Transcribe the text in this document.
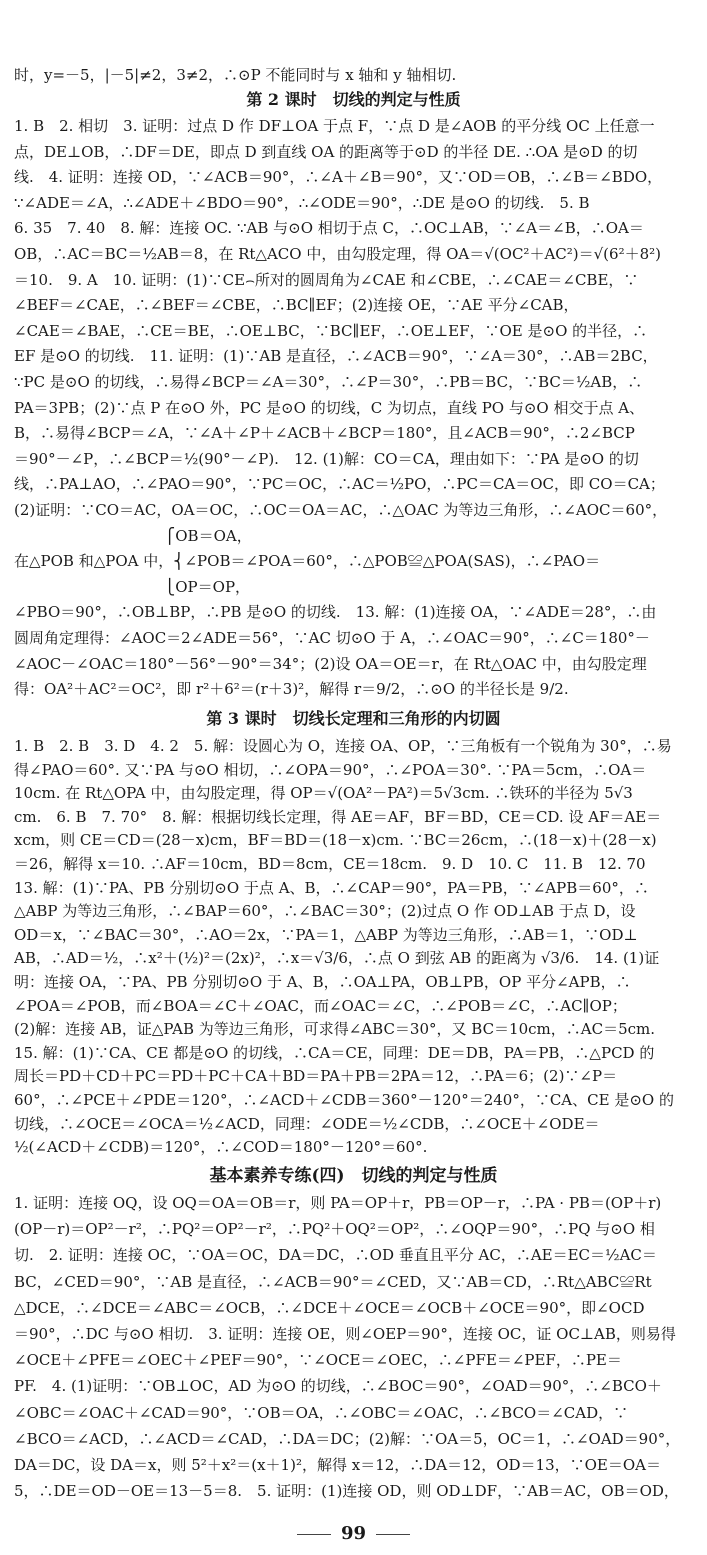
时，y=－5，|－5|≠2，3≠2，∴⊙P 不能同时与 x 轴和 y 轴相切.
第 2 课时　切线的判定与性质
1. B　2. 相切　3. 证明：过点 D 作 DF⊥OA 于点 F，∵点 D 是∠AOB 的平分线 OC 上任意一
点，DE⊥OB，∴DF＝DE，即点 D 到直线 OA 的距离等于⊙D 的半径 DE. ∴OA 是⊙D 的切
线.　4. 证明：连接 OD，∵∠ACB＝90°，∴∠A＋∠B＝90°，又∵OD＝OB，∴∠B＝∠BDO，
∵∠ADE＝∠A，∴∠ADE＋∠BDO＝90°，∴∠ODE＝90°，∴DE 是⊙O 的切线.　5. B
6. 35　7. 40　8. 解：连接 OC. ∵AB 与⊙O 相切于点 C，∴OC⊥AB，∵∠A＝∠B，∴OA＝
OB，∴AC＝BC＝½AB＝8，在 Rt△ACO 中，由勾股定理，得 OA＝√(OC²＋AC²)＝√(6²＋8²)
＝10.　9. A　10. 证明：(1)∵CE⌢所对的圆周角为∠CAE 和∠CBE，∴∠CAE＝∠CBE，∵
∠BEF＝∠CAE，∴∠BEF＝∠CBE，∴BC∥EF；(2)连接 OE，∵AE 平分∠CAB，
∠CAE＝∠BAE，∴CE＝BE，∴OE⊥BC，∵BC∥EF，∴OE⊥EF，∵OE 是⊙O 的半径，∴
EF 是⊙O 的切线.　11. 证明：(1)∵AB 是直径，∴∠ACB＝90°，∵∠A＝30°，∴AB＝2BC，
∵PC 是⊙O 的切线，∴易得∠BCP＝∠A＝30°，∴∠P＝30°，∴PB＝BC，∵BC＝½AB，∴
PA＝3PB；(2)∵点 P 在⊙O 外，PC 是⊙O 的切线，C 为切点，直线 PO 与⊙O 相交于点 A、
B，∴易得∠BCP＝∠A，∵∠A＋∠P＋∠ACB＋∠BCP＝180°，且∠ACB＝90°，∴2∠BCP
＝90°－∠P，∴∠BCP＝½(90°－∠P).　12. (1)解：CO＝CA，理由如下：∵PA 是⊙O 的切
线，∴PA⊥AO，∴∠PAO＝90°，∵PC＝OC，∴AC＝½PO，∴PC＝CA＝OC，即 CO＝CA；
(2)证明：∵CO＝AC，OA＝OC，∴OC＝OA＝AC，∴△OAC 为等边三角形，∴∠AOC＝60°，
　　　　　　　　　　⎧OB＝OA，
在△POB 和△POA 中，⎨∠POB＝∠POA＝60°，∴△POB≌△POA(SAS)，∴∠PAO＝
　　　　　　　　　　⎩OP＝OP，
∠PBO＝90°，∴OB⊥BP，∴PB 是⊙O 的切线.　13. 解：(1)连接 OA，∵∠ADE＝28°，∴由
圆周角定理得：∠AOC＝2∠ADE＝56°，∵AC 切⊙O 于 A，∴∠OAC＝90°，∴∠C＝180°－
∠AOC－∠OAC＝180°－56°－90°＝34°；(2)设 OA＝OE＝r，在 Rt△OAC 中，由勾股定理
得：OA²＋AC²＝OC²，即 r²＋6²＝(r＋3)²，解得 r＝9/2，∴⊙O 的半径长是 9/2.
第 3 课时　切线长定理和三角形的内切圆
1. B　2. B　3. D　4. 2　5. 解：设圆心为 O，连接 OA、OP，∵三角板有一个锐角为 30°，∴易
得∠PAO＝60°. 又∵PA 与⊙O 相切，∴∠OPA＝90°，∴∠POA＝30°. ∵PA＝5cm，∴OA＝
10cm. 在 Rt△OPA 中，由勾股定理，得 OP＝√(OA²－PA²)＝5√3cm. ∴铁环的半径为 5√3
cm.　6. B　7. 70°　8. 解：根据切线长定理，得 AE＝AF，BF＝BD，CE＝CD. 设 AF＝AE＝
xcm，则 CE＝CD＝(28－x)cm，BF＝BD＝(18－x)cm. ∵BC＝26cm，∴(18－x)＋(28－x)
＝26，解得 x＝10. ∴AF＝10cm，BD＝8cm，CE＝18cm.　9. D　10. C　11. B　12. 70
13. 解：(1)∵PA、PB 分别切⊙O 于点 A、B，∴∠CAP＝90°，PA＝PB，∵∠APB＝60°，∴
△ABP 为等边三角形，∴∠BAP＝60°，∴∠BAC＝30°；(2)过点 O 作 OD⊥AB 于点 D，设
OD＝x，∵∠BAC＝30°，∴AO＝2x，∵PA＝1，△ABP 为等边三角形，∴AB＝1，∵OD⊥
AB，∴AD＝½，∴x²＋(½)²＝(2x)²，∴x＝√3/6，∴点 O 到弦 AB 的距离为 √3/6.　14. (1)证
明：连接 OA，∵PA、PB 分别切⊙O 于 A、B，∴OA⊥PA，OB⊥PB，OP 平分∠APB，∴
∠POA＝∠POB，而∠BOA＝∠C＋∠OAC，而∠OAC＝∠C，∴∠POB＝∠C，∴AC∥OP；
(2)解：连接 AB，证△PAB 为等边三角形，可求得∠ABC＝30°，又 BC＝10cm，∴AC＝5cm.
15. 解：(1)∵CA、CE 都是⊙O 的切线，∴CA＝CE，同理：DE＝DB，PA＝PB，∴△PCD 的
周长＝PD＋CD＋PC＝PD＋PC＋CA＋BD＝PA＋PB＝2PA＝12，∴PA＝6；(2)∵∠P＝
60°，∴∠PCE＋∠PDE＝120°，∴∠ACD＋∠CDB＝360°－120°＝240°，∵CA、CE 是⊙O 的
切线，∴∠OCE＝∠OCA＝½∠ACD，同理：∠ODE＝½∠CDB，∴∠OCE＋∠ODE＝
½(∠ACD＋∠CDB)＝120°，∴∠COD＝180°－120°＝60°.
基本素养专练(四)　切线的判定与性质
1. 证明：连接 OQ，设 OQ＝OA＝OB＝r，则 PA＝OP＋r，PB＝OP－r，∴PA · PB＝(OP＋r)
(OP－r)＝OP²－r²，∴PQ²＝OP²－r²，∴PQ²＋OQ²＝OP²，∴∠OQP＝90°，∴PQ 与⊙O 相
切.　2. 证明：连接 OC，∵OA＝OC，DA＝DC，∴OD 垂直且平分 AC，∴AE＝EC＝½AC＝
BC，∠CED＝90°，∵AB 是直径，∴∠ACB＝90°＝∠CED，又∵AB＝CD，∴Rt△ABC≌Rt
△DCE，∴∠DCE＝∠ABC＝∠OCB，∴∠DCE＋∠OCE＝∠OCB＋∠OCE＝90°，即∠OCD
＝90°，∴DC 与⊙O 相切.　3. 证明：连接 OE，则∠OEP＝90°，连接 OC，证 OC⊥AB，则易得
∠OCE＋∠PFE＝∠OEC＋∠PEF＝90°，∵∠OCE＝∠OEC，∴∠PFE＝∠PEF，∴PE＝
PF.　4. (1)证明：∵OB⊥OC，AD 为⊙O 的切线，∴∠BOC＝90°，∠OAD＝90°，∴∠BCO＋
∠OBC＝∠OAC＋∠CAD＝90°，∵OB＝OA，∴∠OBC＝∠OAC，∴∠BCO＝∠CAD，∵
∠BCO＝∠ACD，∴∠ACD＝∠CAD，∴DA＝DC；(2)解：∵OA＝5，OC＝1，∴∠OAD＝90°，
DA＝DC，设 DA＝x，则 5²＋x²＝(x＋1)²，解得 x＝12，∴DA＝12，OD＝13，∵OE＝OA＝
5，∴DE＝OD－OE＝13－5＝8.　5. 证明：(1)连接 OD，则 OD⊥DF，∵AB＝AC，OB＝OD，
99
